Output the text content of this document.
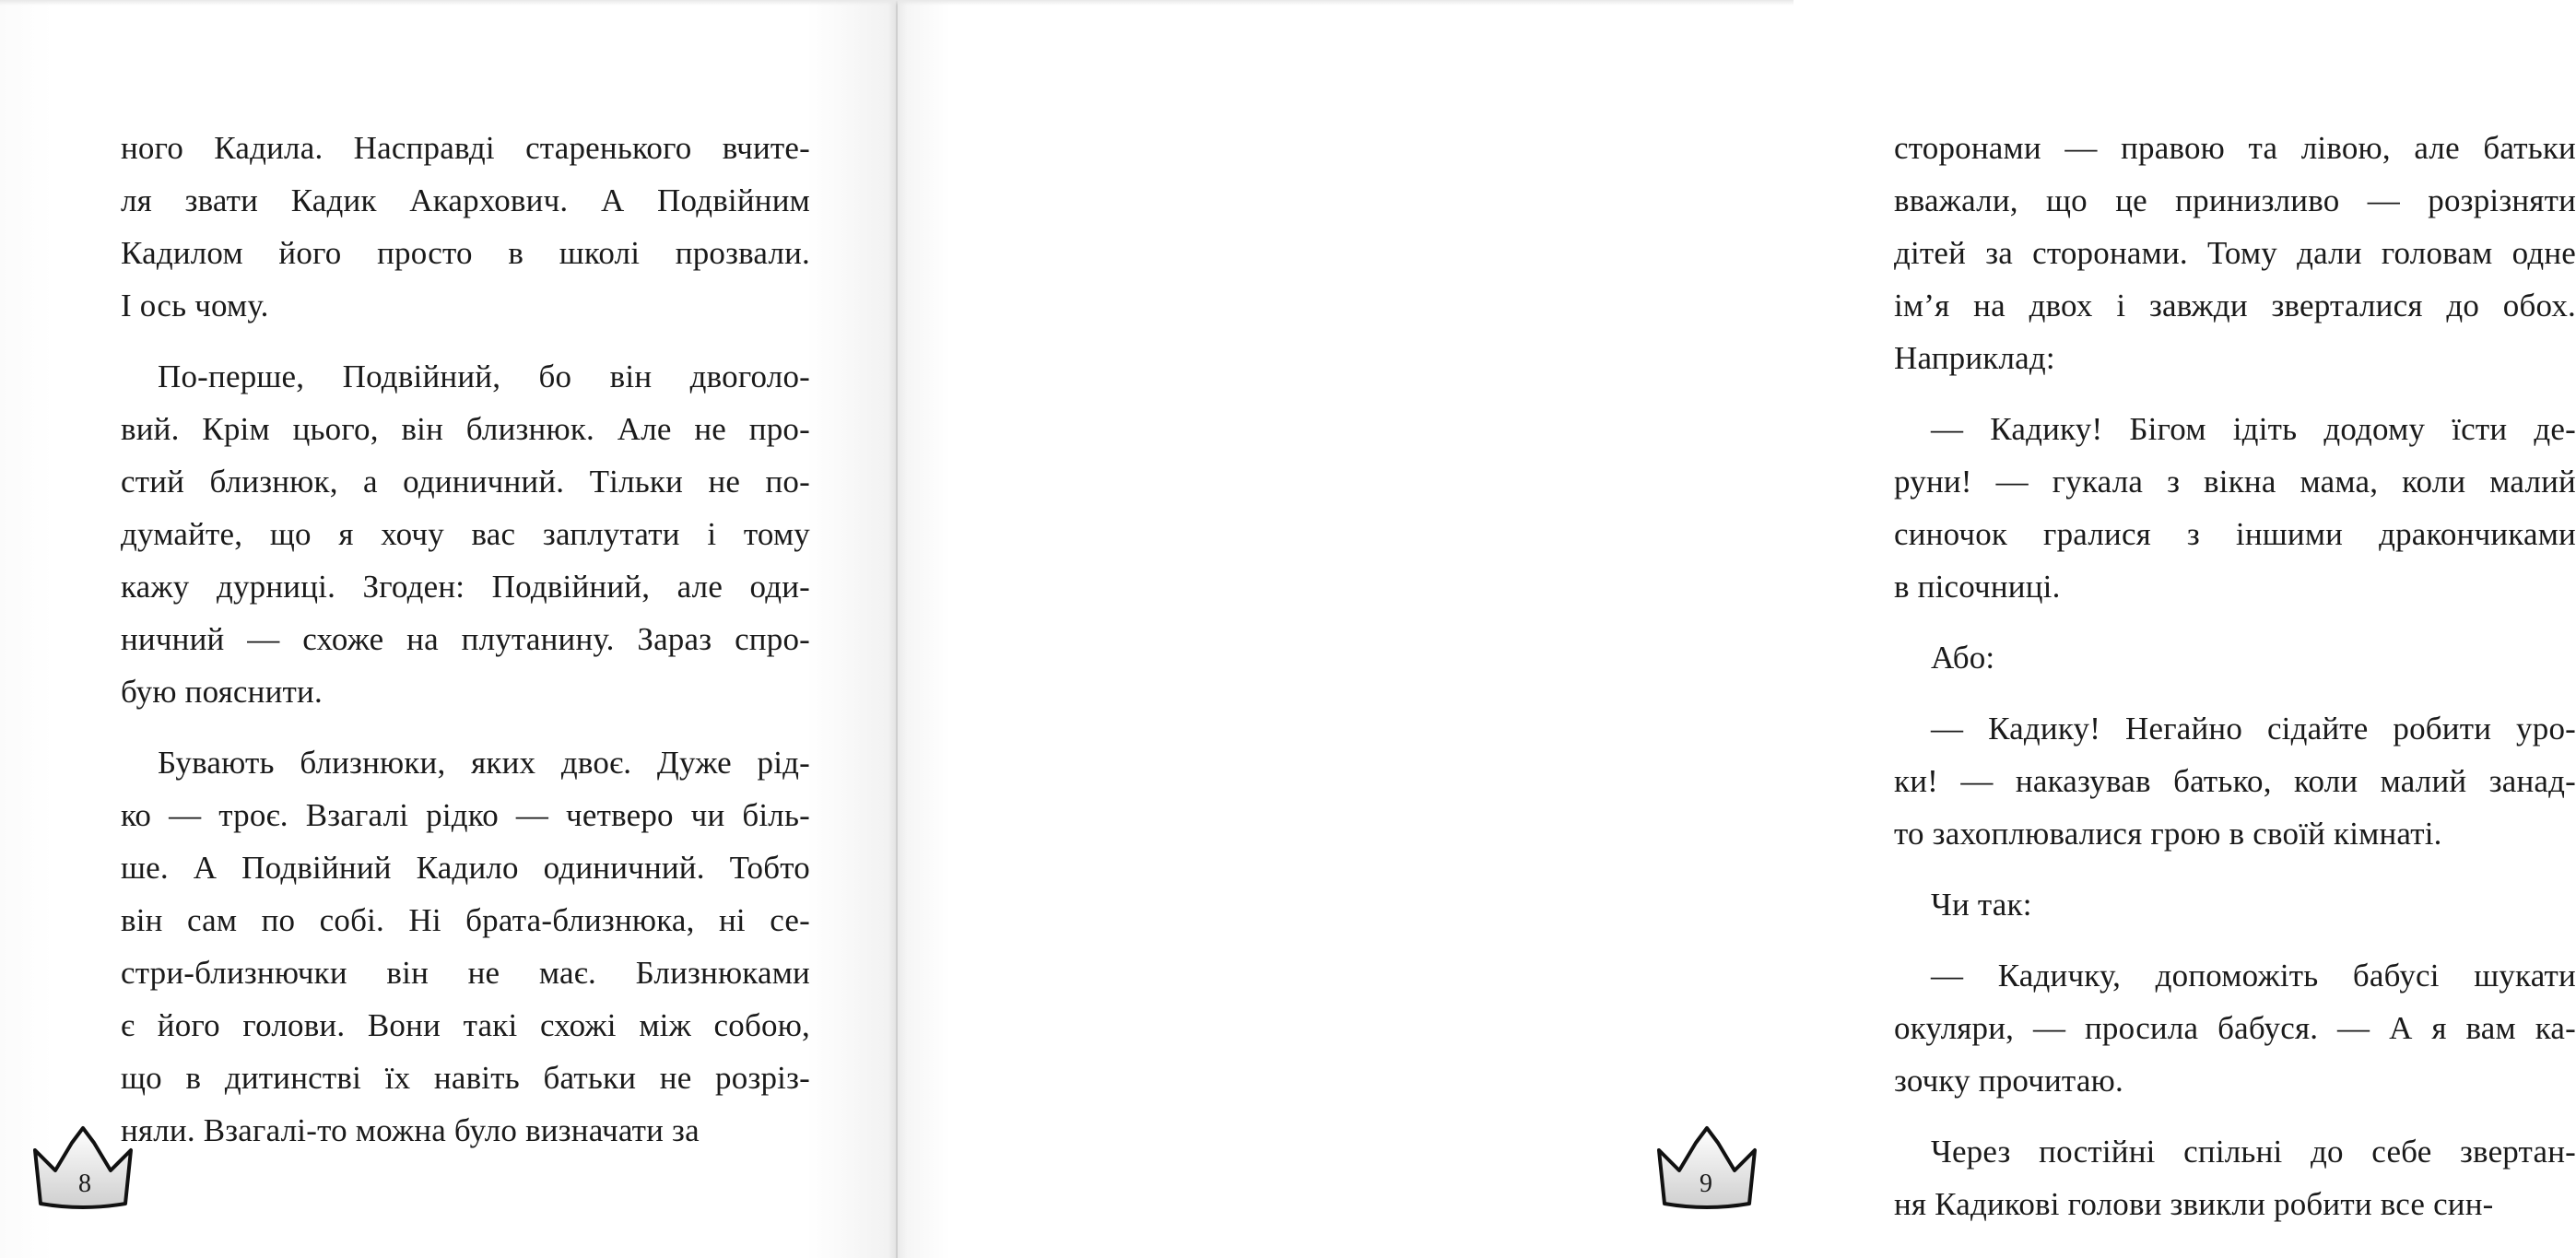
ного Кадила. Насправді старенького вчите-
ля звати Кадик Акархович. А Подвійним
Кадилом його просто в школі прозвали.
І ось чому.

По-перше, Подвійний, бо він двоголо-
вий. Крім цього, він близнюк. Але не про-
стий близнюк, а одиничний. Тільки не по-
думайте, що я хочу вас заплутати і тому
кажу дурниці. Згоден: Подвійний, але оди-
ничний — схоже на плутанину. Зараз спро-
бую пояснити.

Бувають близнюки, яких двоє. Дуже рід-
ко — троє. Взагалі рідко — четверо чи біль-
ше. А Подвійний Кадило одиничний. Тобто
він сам по собі. Ні брата-близнюка, ні се-
стри-близнючки він не має. Близнюками
є його голови. Вони такі схожі між собою,
що в дитинстві їх навіть батьки не розріз-
няли. Взагалі-то можна було визначати за

сторонами — правою та лівою, але батьки
вважали, що це принизливо — розрізняти
дітей за сторонами. Тому дали головам одне
ім’я на двох і завжди зверталися до обох.
Наприклад:

— Кадику! Бігом ідіть додому їсти де-
руни! — гукала з вікна мама, коли малий
синочок гралися з іншими дракончиками
в пісочниці.

Або:

— Кадику! Негайно сідайте робити уро-
ки! — наказував батько, коли малий занад-
то захоплювалися грою в своїй кімнаті.

Чи так:

— Кадичку, допоможіть бабусі шукати
окуляри, — просила бабуся. — А я вам ка-
зочку прочитаю.

Через постійні спільні до себе звертан-
ня Кадикові голови звикли робити все син-

8	9
